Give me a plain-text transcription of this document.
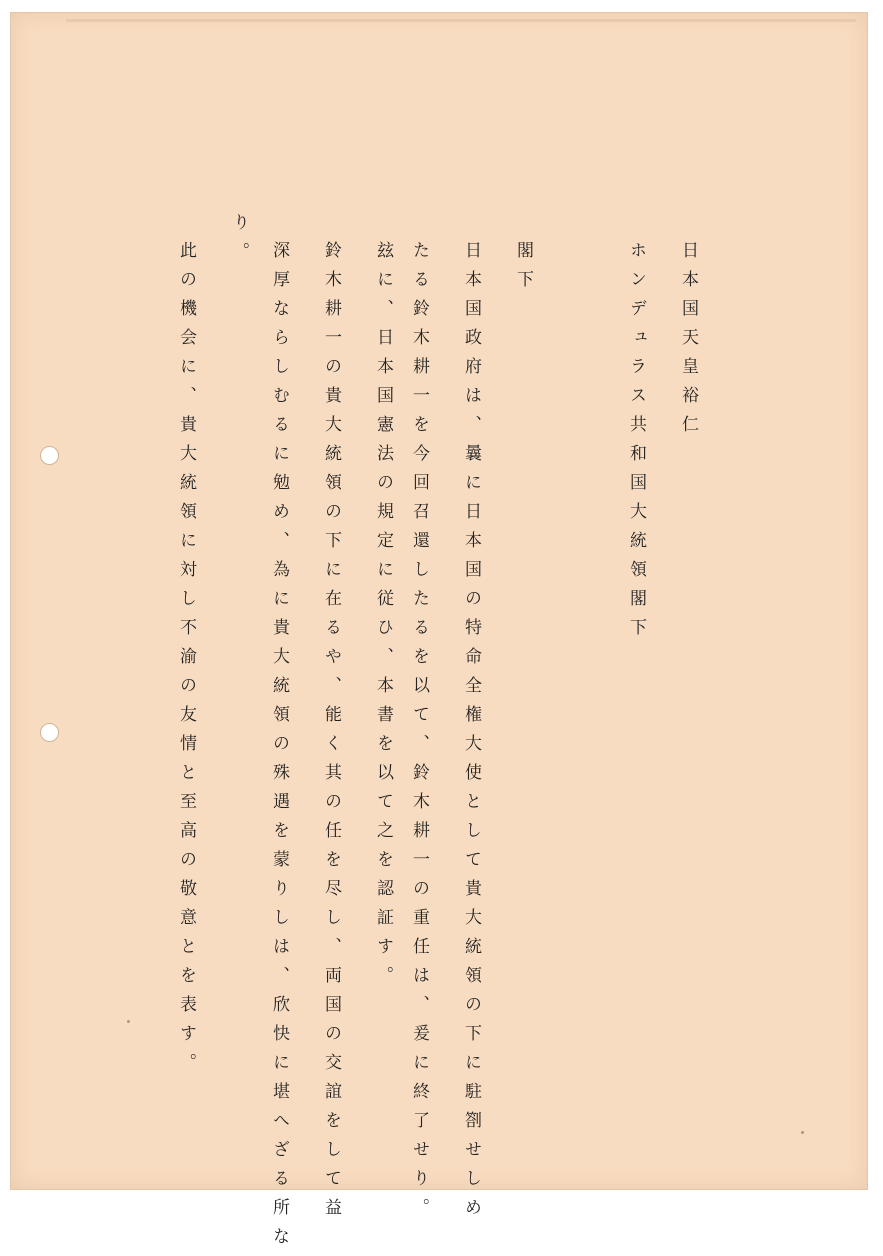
日本国天皇裕仁
ホンデュラス共和国大統領閣下
閣下
日本国政府は、曩に日本国の特命全権大使として貴大統領の下に駐劄せしめ
たる鈴木耕一を今回召還したるを以て、鈴木耕一の重任は、爰に終了せり。
玆に、日本国憲法の規定に従ひ、本書を以て之を認証す。
鈴木耕一の貴大統領の下に在るや、能く其の任を尽し、両国の交誼をして益
深厚ならしむるに勉め、為に貴大統領の殊遇を蒙りしは、欣快に堪へざる所な
り。
此の機会に、貴大統領に対し不渝の友情と至高の敬意とを表す。
